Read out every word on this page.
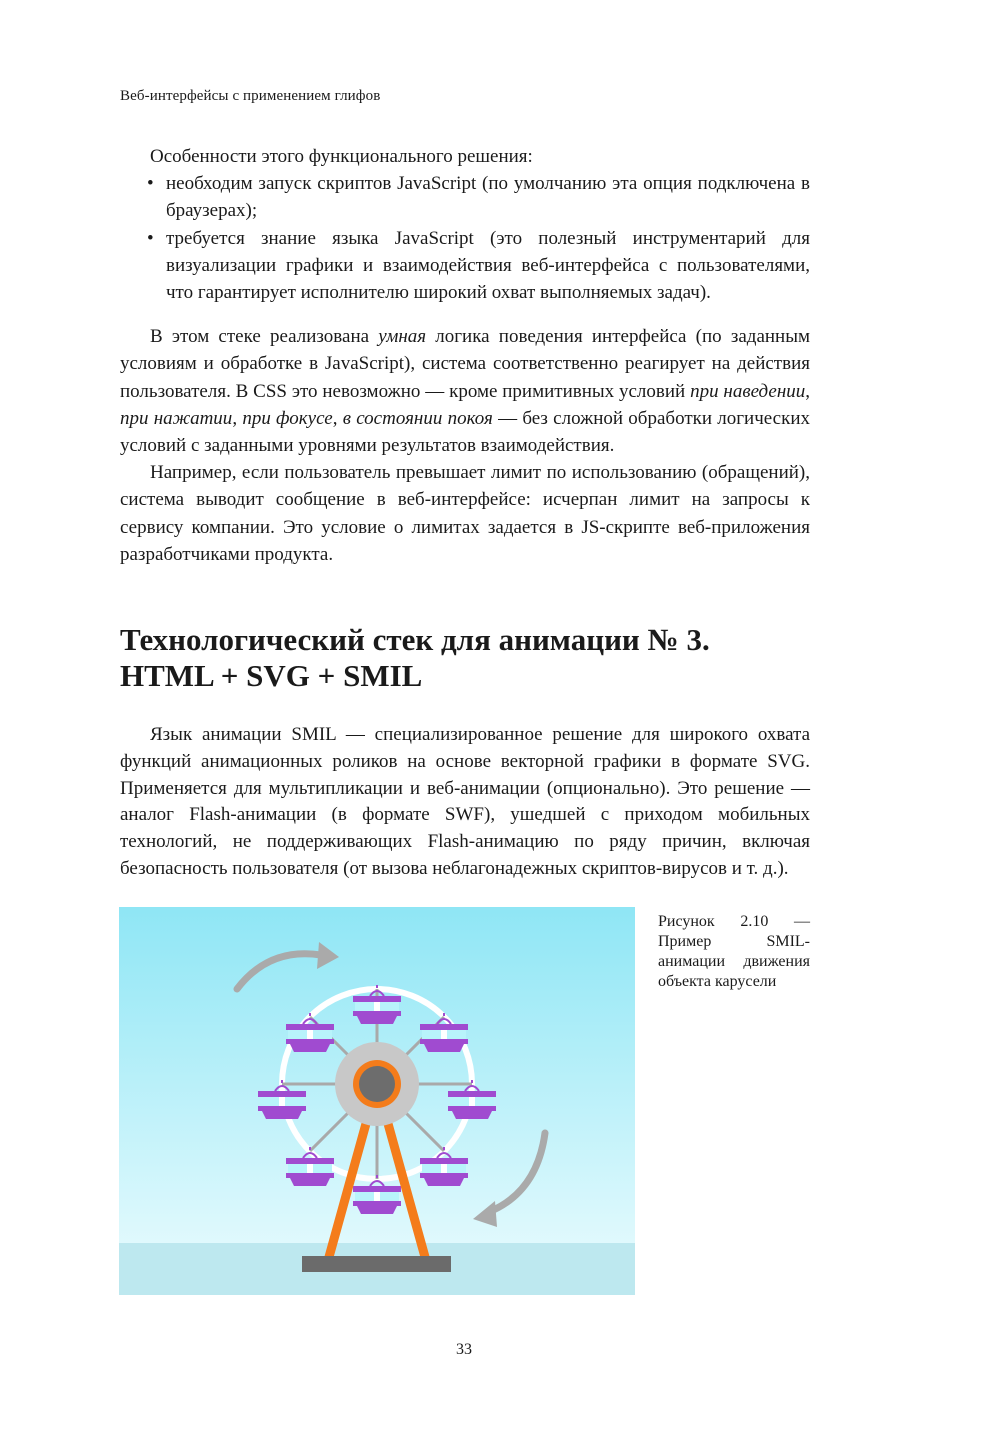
Веб-интерфейсы с применением глифов
Особенности этого функционального решения:
• необходим запуск скриптов JavaScript (по умолчанию эта опция подключена в браузерах);
• требуется знание языка JavaScript (это полезный инструментарий для визуализации графики и взаимодействия веб-интерфейса с пользователями, что гарантирует исполнителю широкий охват выполняемых задач).

В этом стеке реализована умная логика поведения интерфейса (по заданным условиям и обработке в JavaScript), система соответственно реагирует на действия пользователя. В CSS это невозможно — кроме примитивных условий при наведении, при нажатии, при фокусе, в состоянии покоя — без сложной обработки логических условий с заданными уровнями результатов взаимодействия.

Например, если пользователь превышает лимит по использованию (обращений), система выводит сообщение в веб-интерфейсе: исчерпан лимит на запросы к сервису компании. Это условие о лимитах задается в JS-скрипте веб-приложения разработчиками продукта.

Технологический стек для анимации № 3.
HTML + SVG + SMIL

Язык анимации SMIL — специализированное решение для широкого охвата функций анимационных роликов на основе векторной графики в формате SVG. Применяется для мультипликации и веб-анимации (опционально). Это решение — аналог Flash-анимации (в формате SWF), ушедшей с приходом мобильных технологий, не поддерживающих Flash-анимацию по ряду причин, включая безопасность пользователя (от вызова неблагонадежных скриптов-вирусов и т. д.).

Рисунок 2.10 — Пример SMIL-анимации движения объекта карусели
33
